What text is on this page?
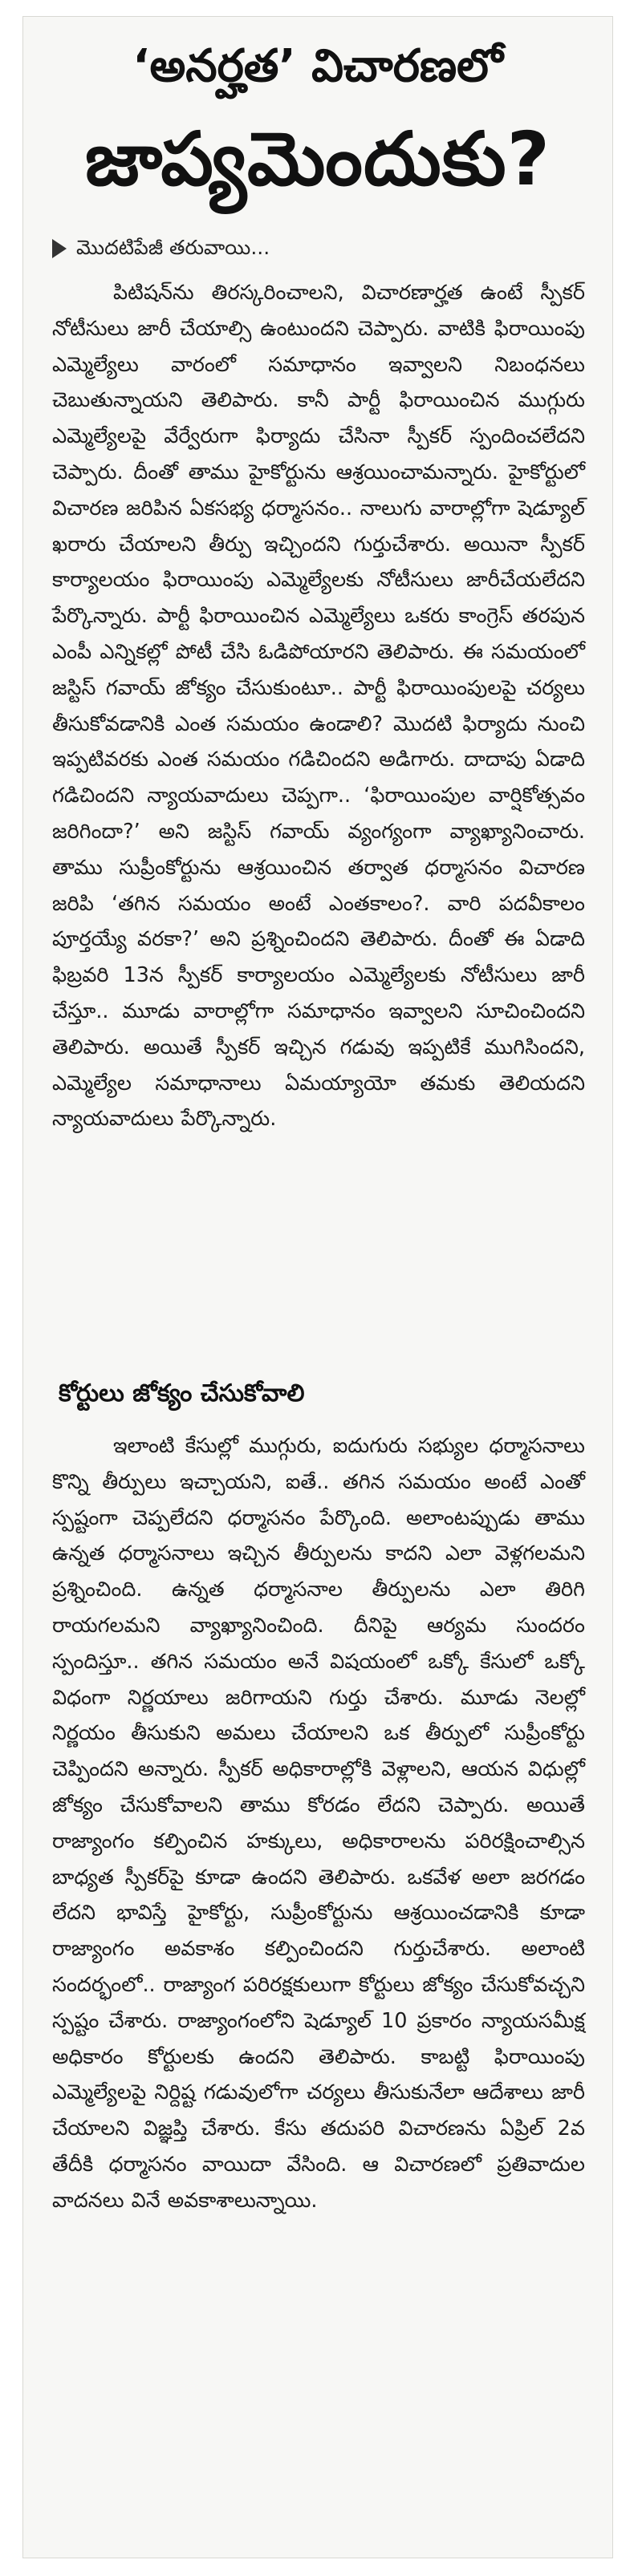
‘అనర్హత’ విచారణలో
జాప్యమెందుకు?
మొదటిపేజీ తరువాయి...

పిటిషన్‌ను తిరస్కరించాలని, విచారణార్హత ఉంటే స్పీకర్ నోటీసులు జారీ చేయాల్సి ఉంటుందని చెప్పారు. వాటికి ఫిరాయింపు ఎమ్మెల్యేలు వారంలో సమాధానం ఇవ్వాలని నిబంధనలు చెబుతున్నాయని తెలిపారు. కానీ పార్టీ ఫిరాయించిన ముగ్గురు ఎమ్మెల్యేలపై వేర్వేరుగా ఫిర్యాదు చేసినా స్పీకర్ స్పందించలేదని చెప్పారు. దీంతో తాము హైకోర్టును ఆశ్రయించామన్నారు. హైకోర్టులో విచారణ జరిపిన ఏకసభ్య ధర్మాసనం.. నాలుగు వారాల్లోగా షెడ్యూల్ ఖరారు చేయాలని తీర్పు ఇచ్చిందని గుర్తుచేశారు. అయినా స్పీకర్ కార్యాలయం ఫిరాయింపు ఎమ్మెల్యేలకు నోటీసులు జారీచేయలేదని పేర్కొన్నారు. పార్టీ ఫిరాయించిన ఎమ్మెల్యేలు ఒకరు కాంగ్రెస్ తరపున ఎంపీ ఎన్నికల్లో పోటీ చేసి ఓడిపోయారని తెలిపారు. ఈ సమయంలో జస్టిస్ గవాయ్ జోక్యం చేసుకుంటూ.. పార్టీ ఫిరాయింపులపై చర్యలు తీసుకోవడానికి ఎంత సమయం ఉండాలి? మొదటి ఫిర్యాదు నుంచి ఇప్పటివరకు ఎంత సమయం గడిచిందని అడిగారు. దాదాపు ఏడాది గడిచిందని న్యాయవాదులు చెప్పగా.. ‘ఫిరాయింపుల వార్షికోత్సవం జరిగిందా?’ అని జస్టిస్ గవాయ్ వ్యంగ్యంగా వ్యాఖ్యానించారు. తాము సుప్రీంకోర్టును ఆశ్రయించిన తర్వాత ధర్మాసనం విచారణ జరిపి ‘తగిన సమయం అంటే ఎంతకాలం?. వారి పదవీకాలం పూర్తయ్యే వరకా?’ అని ప్రశ్నించిందని తెలిపారు. దీంతో ఈ ఏడాది ఫిబ్రవరి 13న స్పీకర్ కార్యాలయం ఎమ్మెల్యేలకు నోటీసులు జారీ చేస్తూ.. మూడు వారాల్లోగా సమాధానం ఇవ్వాలని సూచించిందని తెలిపారు. అయితే స్పీకర్ ఇచ్చిన గడువు ఇప్పటికే ముగిసిందని, ఎమ్మెల్యేల సమాధానాలు ఏమయ్యాయో తమకు తెలియదని న్యాయవాదులు పేర్కొన్నారు.

కోర్టులు జోక్యం చేసుకోవాలి

ఇలాంటి కేసుల్లో ముగ్గురు, ఐదుగురు సభ్యుల ధర్మాసనాలు కొన్ని తీర్పులు ఇచ్చాయని, ఐతే.. తగిన సమయం అంటే ఎంతో స్పష్టంగా చెప్పలేదని ధర్మాసనం పేర్కొంది. అలాంటప్పుడు తాము ఉన్నత ధర్మాసనాలు ఇచ్చిన తీర్పులను కాదని ఎలా వెళ్లగలమని ప్రశ్నించింది. ఉన్నత ధర్మాసనాల తీర్పులను ఎలా తిరిగి రాయగలమని వ్యాఖ్యానించింది. దీనిపై ఆర్యమ సుందరం స్పందిస్తూ.. తగిన సమయం అనే విషయంలో ఒక్కో కేసులో ఒక్కో విధంగా నిర్ణయాలు జరిగాయని గుర్తు చేశారు. మూడు నెలల్లో నిర్ణయం తీసుకుని అమలు చేయాలని ఒక తీర్పులో సుప్రీంకోర్టు చెప్పిందని అన్నారు. స్పీకర్ అధికారాల్లోకి వెళ్లాలని, ఆయన విధుల్లో జోక్యం చేసుకోవాలని తాము కోరడం లేదని చెప్పారు. అయితే రాజ్యాంగం కల్పించిన హక్కులు, అధికారాలను పరిరక్షించాల్సిన బాధ్యత స్పీకర్‌పై కూడా ఉందని తెలిపారు. ఒకవేళ అలా జరగడం లేదని భావిస్తే హైకోర్టు, సుప్రీంకోర్టును ఆశ్రయించడానికి కూడా రాజ్యాంగం అవకాశం కల్పించిందని గుర్తుచేశారు. అలాంటి సందర్భంలో.. రాజ్యాంగ పరిరక్షకులుగా కోర్టులు జోక్యం చేసుకోవచ్చని స్పష్టం చేశారు. రాజ్యాంగంలోని షెడ్యూల్ 10 ప్రకారం న్యాయసమీక్ష అధికారం కోర్టులకు ఉందని తెలిపారు. కాబట్టి ఫిరాయింపు ఎమ్మెల్యేలపై నిర్దిష్ట గడువులోగా చర్యలు తీసుకునేలా ఆదేశాలు జారీ చేయాలని విజ్ఞప్తి చేశారు. కేసు తదుపరి విచారణను ఏప్రిల్ 2వ తేదీకి ధర్మాసనం వాయిదా వేసింది. ఆ విచారణలో ప్రతివాదుల వాదనలు వినే అవకాశాలున్నాయి.
